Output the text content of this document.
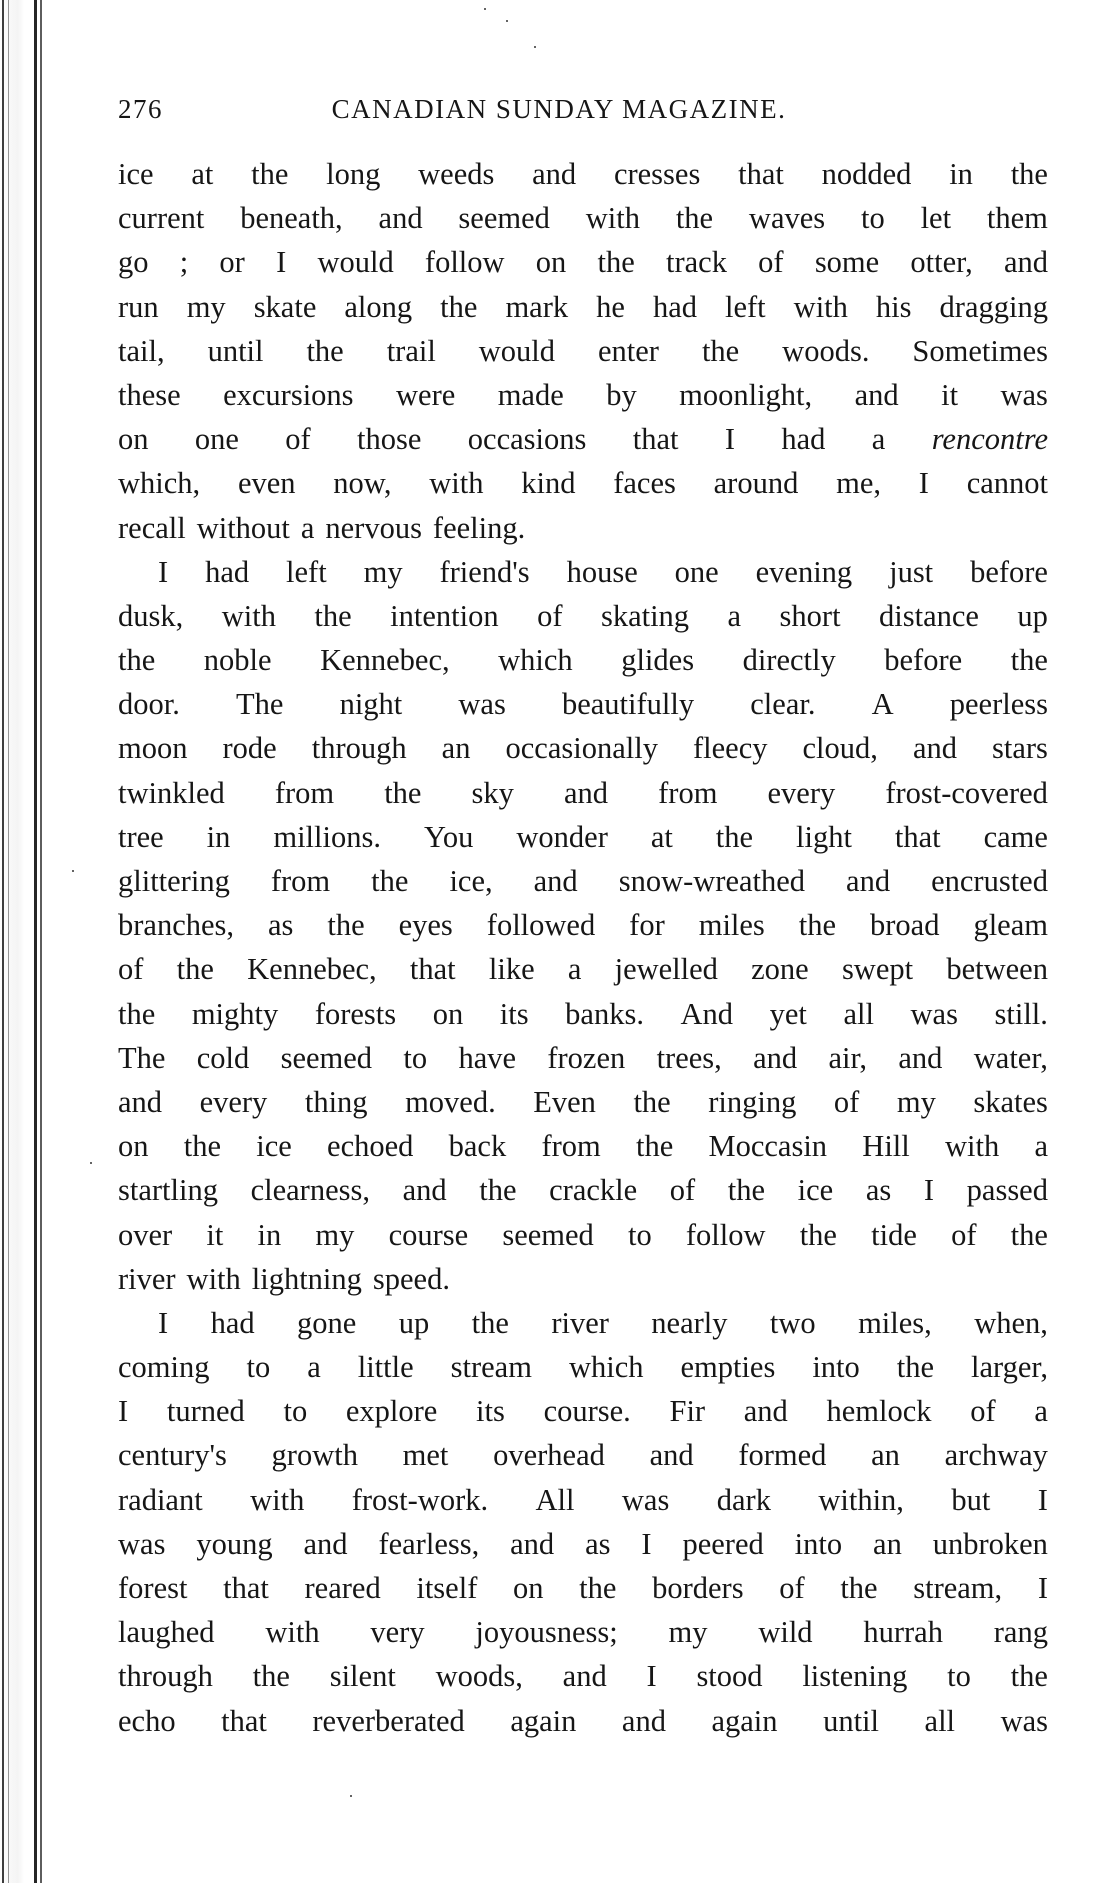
276	CANADIAN SUNDAY MAGAZINE.
ice at the long weeds and cresses that nodded in the
current beneath, and seemed with the waves to let them
go ; or I would follow on the track of some otter, and
run my skate along the mark he had left with his dragging
tail, until the trail would enter the woods. Sometimes
these excursions were made by moonlight, and it was
on one of those occasions that I had a rencontre
which, even now, with kind faces around me, I cannot
recall without a nervous feeling.
I had left my friend's house one evening just before
dusk, with the intention of skating a short distance up
the noble Kennebec, which glides directly before the
door. The night was beautifully clear. A peerless
moon rode through an occasionally fleecy cloud, and stars
twinkled from the sky and from every frost-covered
tree in millions. You wonder at the light that came
glittering from the ice, and snow-wreathed and encrusted
branches, as the eyes followed for miles the broad gleam
of the Kennebec, that like a jewelled zone swept between
the mighty forests on its banks. And yet all was still.
The cold seemed to have frozen trees, and air, and water,
and every thing moved. Even the ringing of my skates
on the ice echoed back from the Moccasin Hill with a
startling clearness, and the crackle of the ice as I passed
over it in my course seemed to follow the tide of the
river with lightning speed.
I had gone up the river nearly two miles, when,
coming to a little stream which empties into the larger,
I turned to explore its course. Fir and hemlock of a
century's growth met overhead and formed an archway
radiant with frost-work. All was dark within, but I
was young and fearless, and as I peered into an unbroken
forest that reared itself on the borders of the stream, I
laughed with very joyousness; my wild hurrah rang
through the silent woods, and I stood listening to the
echo that reverberated again and again until all was
